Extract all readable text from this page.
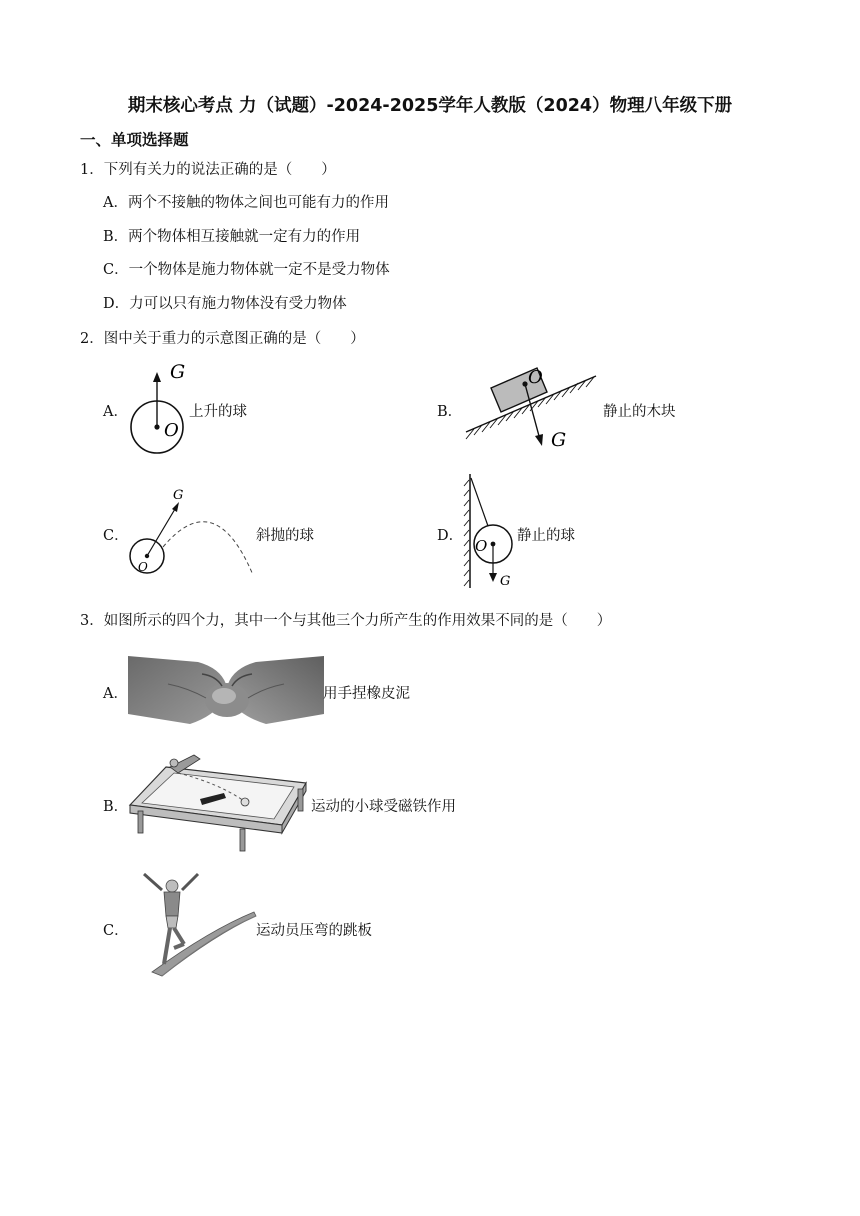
期末核心考点 力（试题）-2024-2025学年人教版（2024）物理八年级下册
一、单项选择题
1．下列有关力的说法正确的是（　　）
A．两个不接触的物体之间也可能有力的作用
B．两个物体相互接触就一定有力的作用
C．一个物体是施力物体就一定不是受力物体
D．力可以只有施力物体没有受力物体
2．图中关于重力的示意图正确的是（　　）
A．
G
O
上升的球	B．
O
G
静止的木块
C．
G
O
斜抛的球	D．
O
G
静止的球
3．如图所示的四个力，其中一个与其他三个力所产生的作用效果不同的是（　　）
A．	用手捏橡皮泥
B．	运动的小球受磁铁作用
C．	运动员压弯的跳板
